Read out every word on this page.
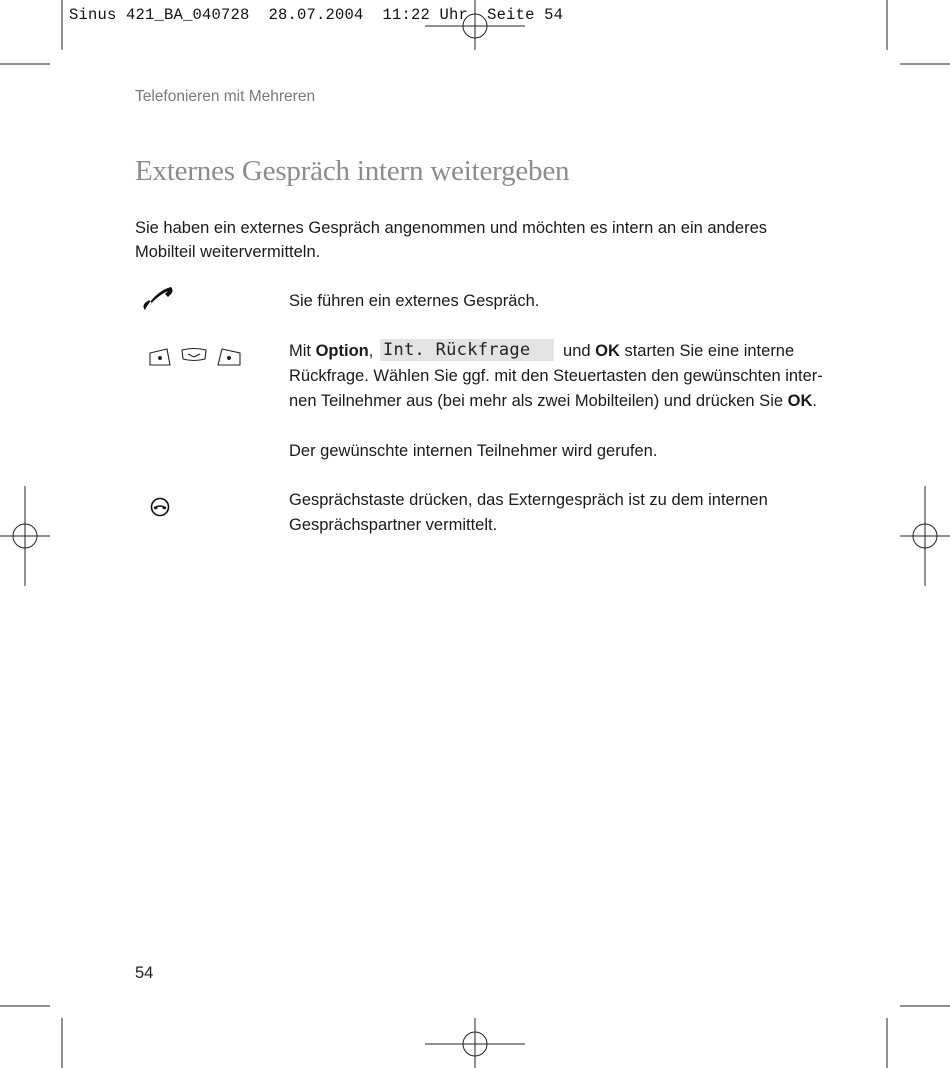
Sinus 421_BA_040728  28.07.2004  11:22 Uhr  Seite 54
Telefonieren mit Mehreren
Externes Gespräch intern weitergeben

Sie haben ein externes Gespräch angenommen und möchten es intern an ein anderes Mobilteil weitervermitteln.

Sie führen ein externes Gespräch.

Mit Option, Int. Rückfrage und OK starten Sie eine interne Rückfrage. Wählen Sie ggf. mit den Steuertasten den gewünschten internen Teilnehmer aus (bei mehr als zwei Mobilteilen) und drücken Sie OK.

Der gewünschte internen Teilnehmer wird gerufen.

Gesprächstaste drücken, das Externgespräch ist zu dem internen Gesprächspartner vermittelt.

54
